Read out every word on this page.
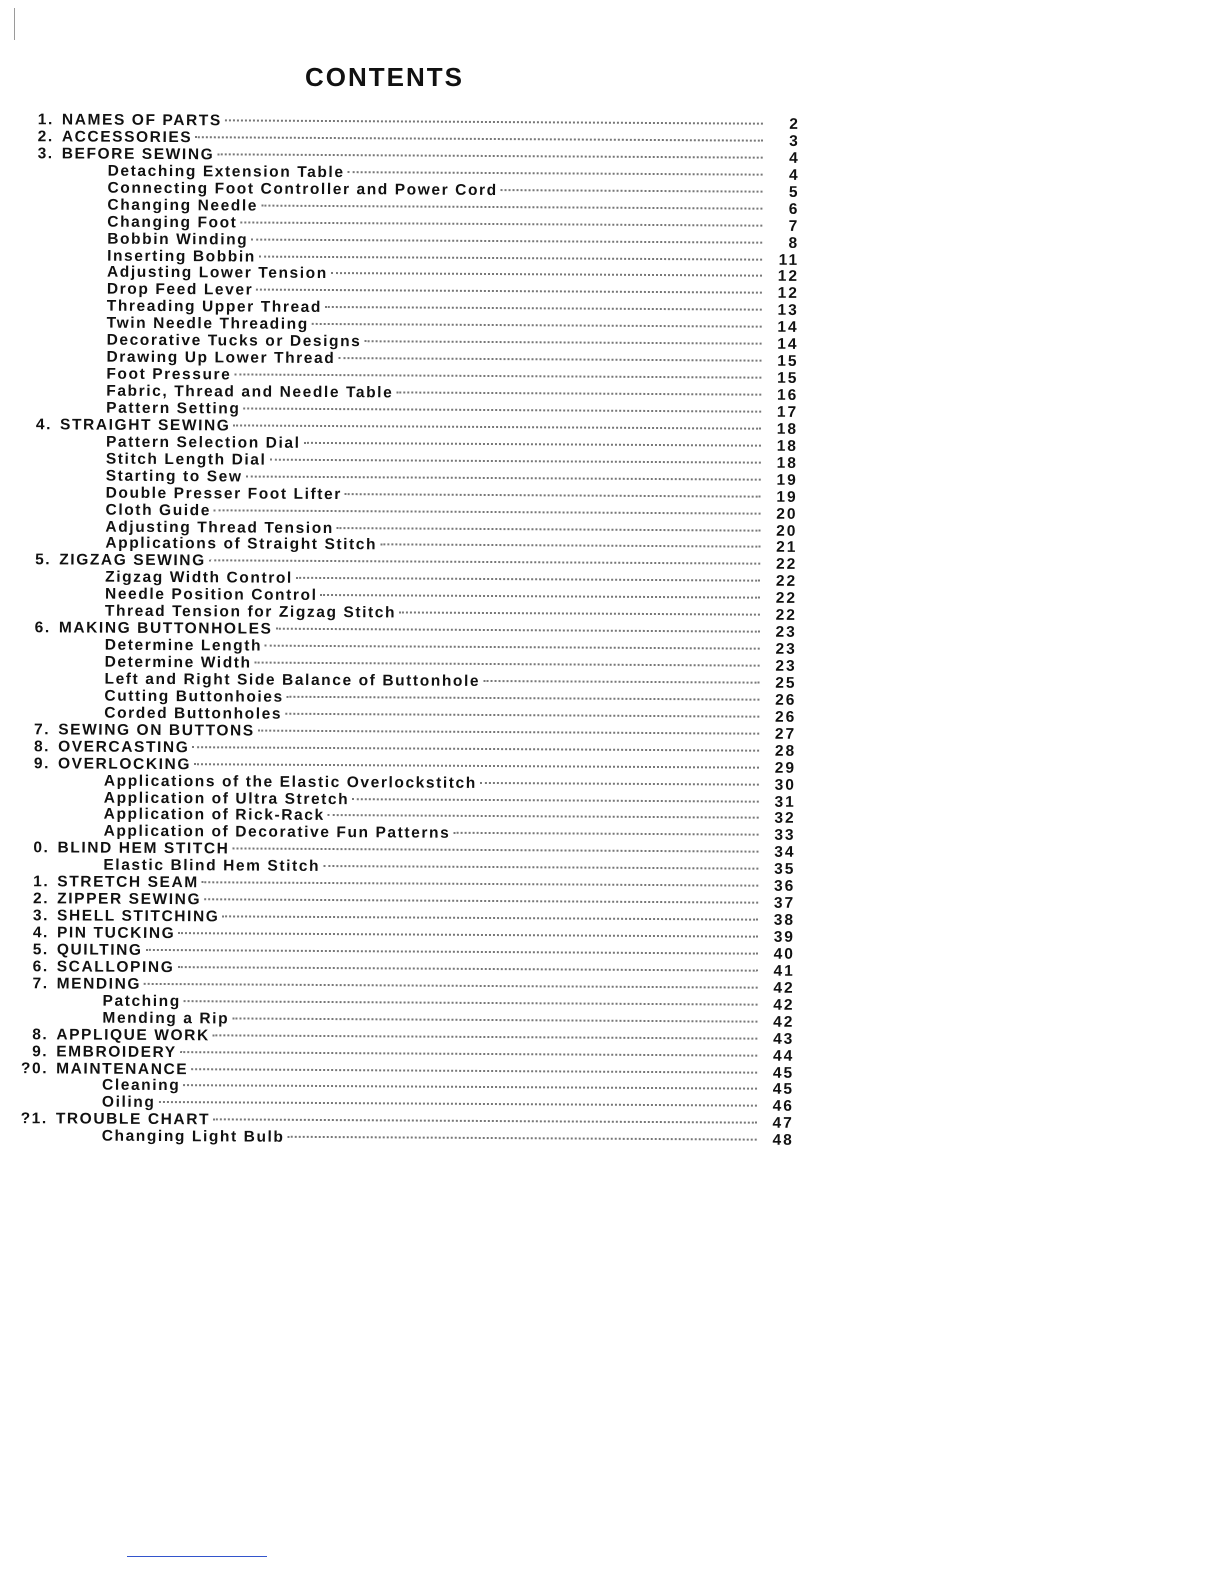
CONTENTS
1. NAMES OF PARTS	2
2. ACCESSORIES	3
3. BEFORE SEWING	4
Detaching Extension Table	4
Connecting Foot Controller and Power Cord	5
Changing Needle	6
Changing Foot	7
Bobbin Winding	8
Inserting Bobbin	11
Adjusting Lower Tension	12
Drop Feed Lever	12
Threading Upper Thread	13
Twin Needle Threading	14
Decorative Tucks or Designs	14
Drawing Up Lower Thread	15
Foot Pressure	15
Fabric, Thread and Needle Table	16
Pattern Setting	17
4. STRAIGHT SEWING	18
Pattern Selection Dial	18
Stitch Length Dial	18
Starting to Sew	19
Double Presser Foot Lifter	19
Cloth Guide	20
Adjusting Thread Tension	20
Applications of Straight Stitch	21
5. ZIGZAG SEWING	22
Zigzag Width Control	22
Needle Position Control	22
Thread Tension for Zigzag Stitch	22
6. MAKING BUTTONHOLES	23
Determine Length	23
Determine Width	23
Left and Right Side Balance of Buttonhole	25
Cutting Buttonhoies	26
Corded Buttonholes	26
7. SEWING ON BUTTONS	27
8. OVERCASTING	28
9. OVERLOCKING	29
Applications of the Elastic Overlockstitch	30
Application of Ultra Stretch	31
Application of Rick-Rack	32
Application of Decorative Fun Patterns	33
0. BLIND HEM STITCH	34
Elastic Blind Hem Stitch	35
1. STRETCH SEAM	36
2. ZIPPER SEWING	37
3. SHELL STITCHING	38
4. PIN TUCKING	39
5. QUILTING	40
6. SCALLOPING	41
7. MENDING	42
Patching	42
Mending a Rip	42
8. APPLIQUE WORK	43
9. EMBROIDERY	44
?0. MAINTENANCE	45
Cleaning	45
Oiling	46
?1. TROUBLE CHART	47
Changing Light Bulb	48
